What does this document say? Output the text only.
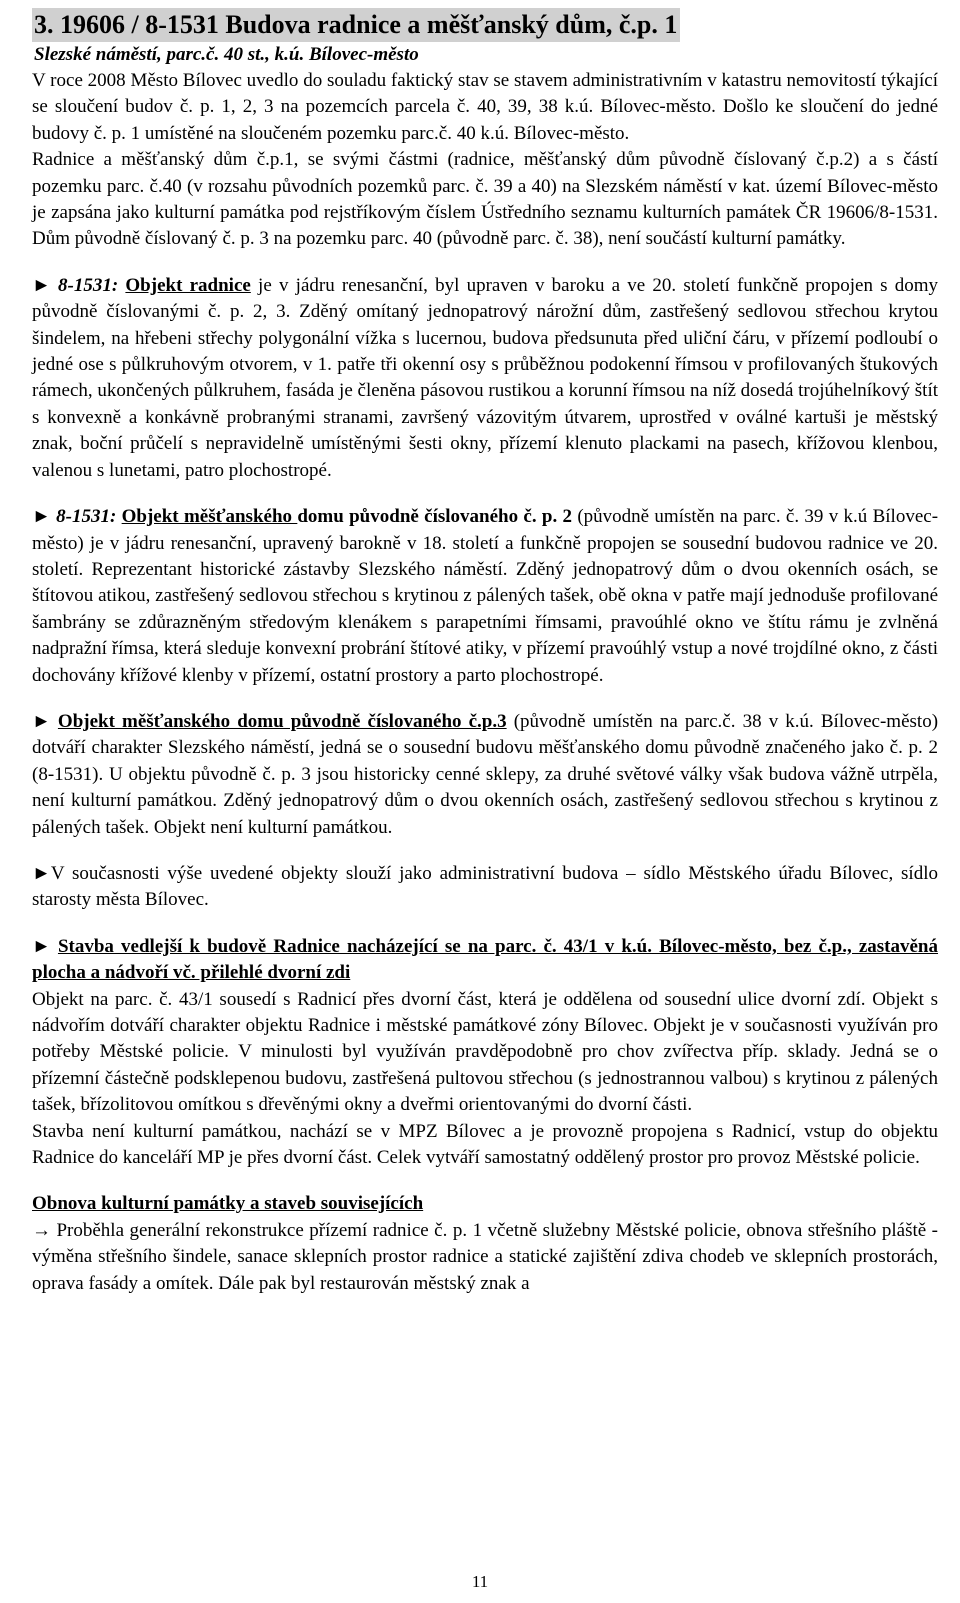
3. 19606 / 8-1531 Budova radnice a měšťanský dům, č.p. 1
Slezské náměstí, parc.č. 40 st., k.ú. Bílovec-město

V roce 2008 Město Bílovec uvedlo do souladu faktický stav se stavem administrativním v katastru nemovitostí týkající se sloučení budov č. p. 1, 2, 3 na pozemcích parcela č. 40, 39, 38 k.ú. Bílovec-město. Došlo ke sloučení do jedné budovy č. p. 1 umístěné na sloučeném pozemku parc.č. 40 k.ú. Bílovec-město.

Radnice a měšťanský dům č.p.1, se svými částmi (radnice, měšťanský dům původně číslovaný č.p.2) a s částí pozemku parc. č.40 (v rozsahu původních pozemků parc. č. 39 a 40) na Slezském náměstí v kat. území Bílovec-město je zapsána jako kulturní památka pod rejstříkovým číslem Ústředního seznamu kulturních památek ČR 19606/8-1531. Dům původně číslovaný č. p. 3 na pozemku parc. 40 (původně parc. č. 38), není součástí kulturní památky.

► 8-1531: Objekt radnice je v jádru renesanční, byl upraven v baroku a ve 20. století funkčně propojen s domy původně číslovanými č. p. 2, 3. Zděný omítaný jednopatrový nárožní dům, zastřešený sedlovou střechou krytou šindelem, na hřebeni střechy polygonální vížka s lucernou, budova předsunuta před uliční čáru, v přízemí podloubí o jedné ose s půlkruhovým otvorem, v 1. patře tři okenní osy s průběžnou podokenní římsou v profilovaných štukových rámech, ukončených půlkruhem, fasáda je členěna pásovou rustikou a korunní římsou na níž dosedá trojúhelníkový štít s konvexně a konkávně probranými stranami, završený vázovitým útvarem, uprostřed v oválné kartuši je městský znak, boční průčelí s nepravidelně umístěnými šesti okny, přízemí klenuto plackami na pasech, křížovou klenbou, valenou s lunetami, patro plochostropé.

► 8-1531: Objekt měšťanského domu původně číslovaného č. p. 2 (původně umístěn na parc. č. 39 v k.ú Bílovec-město) je v jádru renesanční, upravený barokně v 18. století a funkčně propojen se sousední budovou radnice ve 20. století. Reprezentant historické zástavby Slezského náměstí. Zděný jednopatrový dům o dvou okenních osách, se štítovou atikou, zastřešený sedlovou střechou s krytinou z pálených tašek, obě okna v patře mají jednoduše profilované šambrány se zdůrazněným středovým klenákem s parapetními římsami, pravoúhlé okno ve štítu rámu je zvlněná nadpražní římsa, která sleduje konvexní probrání štítové atiky, v přízemí pravoúhlý vstup a nové trojdílné okno, z části dochovány křížové klenby v přízemí, ostatní prostory a parto plochostropé.

► Objekt měšťanského domu původně číslovaného č.p.3 (původně umístěn na parc.č. 38 v k.ú. Bílovec-město) dotváří charakter Slezského náměstí, jedná se o sousední budovu měšťanského domu původně značeného jako č. p. 2 (8-1531). U objektu původně č. p. 3 jsou historicky cenné sklepy, za druhé světové války však budova vážně utrpěla, není kulturní památkou. Zděný jednopatrový dům o dvou okenních osách, zastřešený sedlovou střechou s krytinou z pálených tašek. Objekt není kulturní památkou.

►V současnosti výše uvedené objekty slouží jako administrativní budova – sídlo Městského úřadu Bílovec, sídlo starosty města Bílovec.

► Stavba vedlejší k budově Radnice nacházející se na parc. č. 43/1 v k.ú. Bílovec-město, bez č.p., zastavěná plocha a nádvoří vč. přilehlé dvorní zdi

Objekt na parc. č. 43/1 sousedí s Radnicí přes dvorní část, která je oddělena od sousední ulice dvorní zdí. Objekt s nádvořím dotváří charakter objektu Radnice i městské památkové zóny Bílovec. Objekt je v současnosti využíván pro potřeby Městské policie. V minulosti byl využíván pravděpodobně pro chov zvířectva příp. sklady. Jedná se o přízemní částečně podsklepenou budovu, zastřešená pultovou střechou (s jednostrannou valbou) s krytinou z pálených tašek, břízolitovou omítkou s dřevěnými okny a dveřmi orientovanými do dvorní části.

Stavba není kulturní památkou, nachází se v MPZ Bílovec a je provozně propojena s Radnicí, vstup do objektu Radnice do kanceláří MP je přes dvorní část. Celek vytváří samostatný oddělený prostor pro provoz Městské policie.

Obnova kulturní památky a staveb souvisejících

→ Proběhla generální rekonstrukce přízemí radnice č. p. 1 včetně služebny Městské policie, obnova střešního pláště - výměna střešního šindele, sanace sklepních prostor radnice a statické zajištění zdiva chodeb ve sklepních prostorách, oprava fasády a omítek. Dále pak byl restaurován městský znak a

11
